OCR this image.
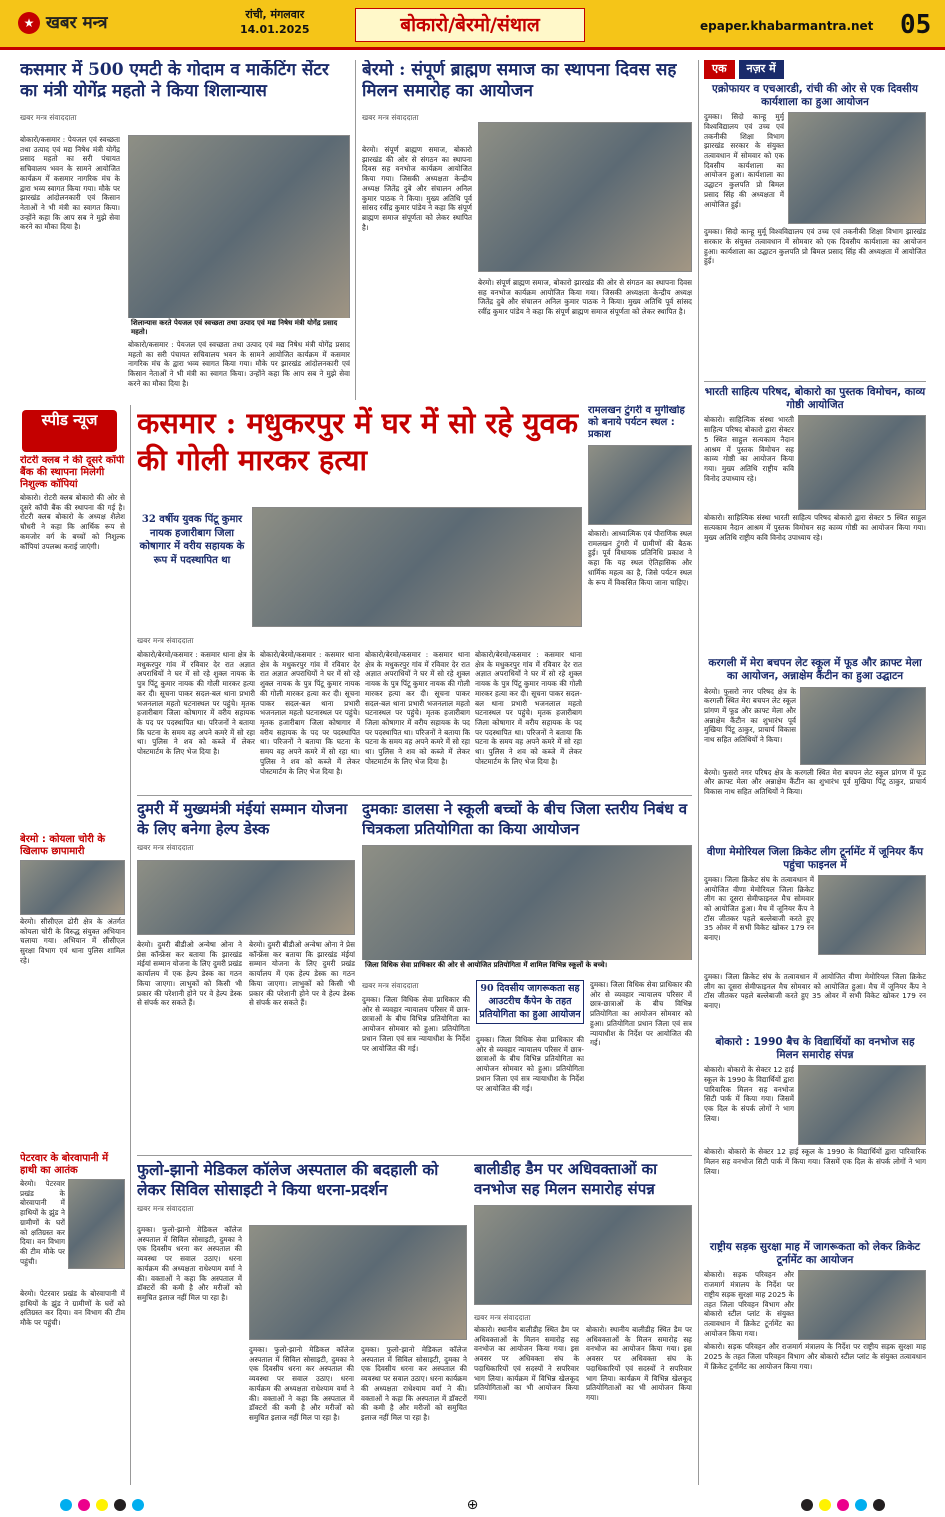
★ खबर मन्त्र	रांची, मंगलवार
14.01.2025	बोकारो/बेरमो/संथाल	epaper.khabarmantra.net 05
कसमार में 500 एमटी के गोदाम व मार्केटिंग सेंटर का मंत्री योगेंद्र महतो ने किया शिलान्यास
खबर मन्त्र संवाददाता
बोकारो/कसमार : पेयजल एवं स्वच्छता तथा उत्पाद एवं मद्य निषेध मंत्री योगेंद्र प्रसाद महतो का सरी पंचायत सचिवालय भवन के सामने आयोजित कार्यक्रम में कसमार नागरिक मंच के द्वारा भव्य स्वागत किया गया। मौके पर झारखंड आंदोलनकारी एवं किसान नेताओं ने भी मंत्री का स्वागत किया। उन्होंने कहा कि आप सब ने मुझे सेवा करने का मौका दिया है।
शिलान्यास करते पेयजल एवं स्वच्छता तथा उत्पाद एवं मद्य निषेध मंत्री योगेंद्र प्रसाद महतो।
बोकारो/कसमार : पेयजल एवं स्वच्छता तथा उत्पाद एवं मद्य निषेध मंत्री योगेंद्र प्रसाद महतो का सरी पंचायत सचिवालय भवन के सामने आयोजित कार्यक्रम में कसमार नागरिक मंच के द्वारा भव्य स्वागत किया गया। मौके पर झारखंड आंदोलनकारी एवं किसान नेताओं ने भी मंत्री का स्वागत किया। उन्होंने कहा कि आप सब ने मुझे सेवा करने का मौका दिया है।
बेरमो : संपूर्ण ब्राह्मण समाज का स्थापना दिवस सह मिलन समारोह का आयोजन
खबर मन्त्र संवाददाता
बेरमो। संपूर्ण ब्राह्मण समाज, बोकारो झारखंड की ओर से संगठन का स्थापना दिवस सह वनभोज कार्यक्रम आयोजित किया गया। जिसकी अध्यक्षता केन्द्रीय अध्यक्ष जितेंद्र दुबे और संचालन अनिल कुमार पाठक ने किया। मुख्य अतिथि पूर्व सांसद रवींद्र कुमार पांडेय ने कहा कि संपूर्ण ब्राह्मण समाज संपूर्णता को लेकर स्थापित है।
बेरमो। संपूर्ण ब्राह्मण समाज, बोकारो झारखंड की ओर से संगठन का स्थापना दिवस सह वनभोज कार्यक्रम आयोजित किया गया। जिसकी अध्यक्षता केन्द्रीय अध्यक्ष जितेंद्र दुबे और संचालन अनिल कुमार पाठक ने किया। मुख्य अतिथि पूर्व सांसद रवींद्र कुमार पांडेय ने कहा कि संपूर्ण ब्राह्मण समाज संपूर्णता को लेकर स्थापित है।
एक	नज़र में
एक्रोफायर व एचआरडी, रांची की ओर से एक दिवसीय कार्यशाला का हुआ आयोजन
दुमका। सिदो कान्हू मुर्मू विश्वविद्यालय एवं उच्च एवं तकनीकी शिक्षा विभाग झारखंड सरकार के संयुक्त तत्वावधान में सोमवार को एक दिवसीय कार्यशाला का आयोजन हुआ। कार्यशाला का उद्घाटन कुलपति प्रो बिमल प्रसाद सिंह की अध्यक्षता में आयोजित हुई।
दुमका। सिदो कान्हू मुर्मू विश्वविद्यालय एवं उच्च एवं तकनीकी शिक्षा विभाग झारखंड सरकार के संयुक्त तत्वावधान में सोमवार को एक दिवसीय कार्यशाला का आयोजन हुआ। कार्यशाला का उद्घाटन कुलपति प्रो बिमल प्रसाद सिंह की अध्यक्षता में आयोजित हुई।
भारती साहित्य परिषद, बोकारो का पुस्तक विमोचन, काव्य गोष्ठी आयोजित
बोकारो। साहित्यिक संस्था भारती साहित्य परिषद बोकारो द्वारा सेक्टर 5 स्थित साहुल सत्यकाम नैदान आश्रम में पुस्तक विमोचन सह काव्य गोष्ठी का आयोजन किया गया। मुख्य अतिथि राष्ट्रीय कवि विनोद उपाध्याय रहे।
बोकारो। साहित्यिक संस्था भारती साहित्य परिषद बोकारो द्वारा सेक्टर 5 स्थित साहुल सत्यकाम नैदान आश्रम में पुस्तक विमोचन सह काव्य गोष्ठी का आयोजन किया गया। मुख्य अतिथि राष्ट्रीय कवि विनोद उपाध्याय रहे।
करगली में मेरा बचपन लेट स्कूल में फूड और क्राफ्ट मेला का आयोजन, अन्नाक्षेम कैंटीन का हुआ उद्घाटन
बेरमो। फुसरो नगर परिषद क्षेत्र के करगली स्थित मेरा बचपन लेट स्कूल प्रांगण में फूड और क्राफ्ट मेला और अन्नाक्षेम कैंटीन का शुभारंभ पूर्व मुखिया पिंटू ठाकुर, प्राचार्य विकास नाथ सहित अतिथियों ने किया।
बेरमो। फुसरो नगर परिषद क्षेत्र के करगली स्थित मेरा बचपन लेट स्कूल प्रांगण में फूड और क्राफ्ट मेला और अन्नाक्षेम कैंटीन का शुभारंभ पूर्व मुखिया पिंटू ठाकुर, प्राचार्य विकास नाथ सहित अतिथियों ने किया।
वीणा मेमोरियल जिला क्रिकेट लीग टूर्नामेंट में जूनियर कैंप पहुंचा फाइनल में
दुमका। जिला क्रिकेट संघ के तत्वावधान में आयोजित वीणा मेमोरियल जिला क्रिकेट लीग का दूसरा सेमीफाइनल मैच सोमवार को आयोजित हुआ। मैच में जूनियर कैंप ने टॉस जीतकर पहले बल्लेबाजी करते हुए 35 ओवर में सभी विकेट खोकर 179 रन बनाए।
दुमका। जिला क्रिकेट संघ के तत्वावधान में आयोजित वीणा मेमोरियल जिला क्रिकेट लीग का दूसरा सेमीफाइनल मैच सोमवार को आयोजित हुआ। मैच में जूनियर कैंप ने टॉस जीतकर पहले बल्लेबाजी करते हुए 35 ओवर में सभी विकेट खोकर 179 रन बनाए।
बोकारो : 1990 बैच के विद्यार्थियों का वनभोज सह मिलन समारोह संपन्न
बोकारो। बोकारो के सेक्टर 12 हाई स्कूल के 1990 के विद्यार्थियों द्वारा पारिवारिक मिलन सह वनभोज सिटी पार्क में किया गया। जिसमें एक दिल के संपर्क लोगों ने भाग लिया।
बोकारो। बोकारो के सेक्टर 12 हाई स्कूल के 1990 के विद्यार्थियों द्वारा पारिवारिक मिलन सह वनभोज सिटी पार्क में किया गया। जिसमें एक दिल के संपर्क लोगों ने भाग लिया।
राष्ट्रीय सड़क सुरक्षा माह में जागरूकता को लेकर क्रिकेट टूर्नामेंट का आयोजन
बोकारो। सड़क परिवहन और राजमार्ग मंत्रालय के निर्देश पर राष्ट्रीय सड़क सुरक्षा माह 2025 के तहत जिला परिवहन विभाग और बोकारो स्टील प्लांट के संयुक्त तत्वावधान में क्रिकेट टूर्नामेंट का आयोजन किया गया।
बोकारो। सड़क परिवहन और राजमार्ग मंत्रालय के निर्देश पर राष्ट्रीय सड़क सुरक्षा माह 2025 के तहत जिला परिवहन विभाग और बोकारो स्टील प्लांट के संयुक्त तत्वावधान में क्रिकेट टूर्नामेंट का आयोजन किया गया।
स्पीड न्यूज
रोटरी क्लब ने की दूसरे कॉपी बैंक की स्थापना मिलेगी निशुल्क कॉपियां
बोकारो। रोटरी क्लब बोकारो की ओर से दूसरे कॉपी बैंक की स्थापना की गई है। रोटरी क्लब बोकारो के अध्यक्ष शैलेश चौधरी ने कहा कि आर्थिक रूप से कमजोर वर्ग के बच्चों को निशुल्क कॉपियां उपलब्ध कराई जाएंगी।
बेरमो : कोयला चोरी के खिलाफ छापामारी
बेरमो। सीसीएल ढोरी क्षेत्र के अंतर्गत कोयला चोरी के विरुद्ध संयुक्त अभियान चलाया गया। अभियान में सीसीएल सुरक्षा विभाग एवं थाना पुलिस शामिल रहे।
पेटरवार के बोरवापानी में हाथी का आतंक
बेरमो। पेटरवार प्रखंड के बोरवापानी में हाथियों के झुंड ने ग्रामीणों के घरों को क्षतिग्रस्त कर दिया। वन विभाग की टीम मौके पर पहुंची।
बेरमो। पेटरवार प्रखंड के बोरवापानी में हाथियों के झुंड ने ग्रामीणों के घरों को क्षतिग्रस्त कर दिया। वन विभाग की टीम मौके पर पहुंची।
कसमार : मधुकरपुर में घर में सो रहे युवक की गोली मारकर हत्या
32 वर्षीय युवक पिंटू कुमार नायक हजारीबाग जिला कोषागार में वरीय सहायक के रूप में पदस्थापित था
खबर मन्त्र संवाददाता
बोकारो/बेरमो/कसमार : कसमार थाना क्षेत्र के मधुकरपुर गांव में रविवार देर रात अज्ञात अपराधियों ने घर में सो रहे शुक्ल नायक के पुत्र पिंटू कुमार नायक की गोली मारकर हत्या कर दी। सूचना पाकर सदल-बल थाना प्रभारी भजनलाल महतो घटनास्थल पर पहुंचे। मृतक हजारीबाग जिला कोषागार में वरीय सहायक के पद पर पदस्थापित था। परिजनों ने बताया कि घटना के समय वह अपने कमरे में सो रहा था। पुलिस ने शव को कब्जे में लेकर पोस्टमार्टम के लिए भेज दिया है।
बोकारो/बेरमो/कसमार : कसमार थाना क्षेत्र के मधुकरपुर गांव में रविवार देर रात अज्ञात अपराधियों ने घर में सो रहे शुक्ल नायक के पुत्र पिंटू कुमार नायक की गोली मारकर हत्या कर दी। सूचना पाकर सदल-बल थाना प्रभारी भजनलाल महतो घटनास्थल पर पहुंचे। मृतक हजारीबाग जिला कोषागार में वरीय सहायक के पद पर पदस्थापित था। परिजनों ने बताया कि घटना के समय वह अपने कमरे में सो रहा था। पुलिस ने शव को कब्जे में लेकर पोस्टमार्टम के लिए भेज दिया है।
बोकारो/बेरमो/कसमार : कसमार थाना क्षेत्र के मधुकरपुर गांव में रविवार देर रात अज्ञात अपराधियों ने घर में सो रहे शुक्ल नायक के पुत्र पिंटू कुमार नायक की गोली मारकर हत्या कर दी। सूचना पाकर सदल-बल थाना प्रभारी भजनलाल महतो घटनास्थल पर पहुंचे। मृतक हजारीबाग जिला कोषागार में वरीय सहायक के पद पर पदस्थापित था। परिजनों ने बताया कि घटना के समय वह अपने कमरे में सो रहा था। पुलिस ने शव को कब्जे में लेकर पोस्टमार्टम के लिए भेज दिया है।
बोकारो/बेरमो/कसमार : कसमार थाना क्षेत्र के मधुकरपुर गांव में रविवार देर रात अज्ञात अपराधियों ने घर में सो रहे शुक्ल नायक के पुत्र पिंटू कुमार नायक की गोली मारकर हत्या कर दी। सूचना पाकर सदल-बल थाना प्रभारी भजनलाल महतो घटनास्थल पर पहुंचे। मृतक हजारीबाग जिला कोषागार में वरीय सहायक के पद पर पदस्थापित था। परिजनों ने बताया कि घटना के समय वह अपने कमरे में सो रहा था। पुलिस ने शव को कब्जे में लेकर पोस्टमार्टम के लिए भेज दिया है।
रामलखन टुंगरी व मुगीखोह को बनाये पर्यटन स्थल : प्रकाश
बोकारो। आध्यात्मिक एवं पौराणिक स्थल रामलखन टुंगरी में ग्रामीणों की बैठक हुई। पूर्व विधायक प्रतिनिधि प्रकाश ने कहा कि यह स्थल ऐतिहासिक और धार्मिक महत्व का है, जिसे पर्यटन स्थल के रूप में विकसित किया जाना चाहिए।
दुमरी में मुख्यमंत्री मंईयां सम्मान योजना के लिए बनेगा हेल्प डेस्क
खबर मन्त्र संवाददाता
बेरमो। दुमरी बीडीओ अन्वेषा ओना ने प्रेस कॉन्फ्रेंस कर बताया कि झारखंड मंईयां सम्मान योजना के लिए दुमरी प्रखंड कार्यालय में एक हेल्प डेस्क का गठन किया जाएगा। लाभुकों को किसी भी प्रकार की परेशानी होने पर वे हेल्प डेस्क से संपर्क कर सकते हैं।
बेरमो। दुमरी बीडीओ अन्वेषा ओना ने प्रेस कॉन्फ्रेंस कर बताया कि झारखंड मंईयां सम्मान योजना के लिए दुमरी प्रखंड कार्यालय में एक हेल्प डेस्क का गठन किया जाएगा। लाभुकों को किसी भी प्रकार की परेशानी होने पर वे हेल्प डेस्क से संपर्क कर सकते हैं।
दुमकाः डालसा ने स्कूली बच्चों के बीच जिला स्तरीय निबंध व चित्रकला प्रतियोगिता का किया आयोजन
जिला विधिक सेवा प्राधिकार की ओर से आयोजित प्रतियोगिता में शामिल विभिन्न स्कूलों के बच्चे।
खबर मन्त्र संवाददाता
दुमका। जिला विधिक सेवा प्राधिकार की ओर से व्यवहार न्यायालय परिसर में छात्र-छात्राओं के बीच विभिन्न प्रतियोगिता का आयोजन सोमवार को हुआ। प्रतियोगिता प्रधान जिला एवं सत्र न्यायाधीश के निर्देश पर आयोजित की गई।
90 दिवसीय जागरूकता सह आउटरीच कैंपेन के तहत प्रतियोगिता का हुआ आयोजन
दुमका। जिला विधिक सेवा प्राधिकार की ओर से व्यवहार न्यायालय परिसर में छात्र-छात्राओं के बीच विभिन्न प्रतियोगिता का आयोजन सोमवार को हुआ। प्रतियोगिता प्रधान जिला एवं सत्र न्यायाधीश के निर्देश पर आयोजित की गई।
दुमका। जिला विधिक सेवा प्राधिकार की ओर से व्यवहार न्यायालय परिसर में छात्र-छात्राओं के बीच विभिन्न प्रतियोगिता का आयोजन सोमवार को हुआ। प्रतियोगिता प्रधान जिला एवं सत्र न्यायाधीश के निर्देश पर आयोजित की गई।
फुलो-झानो मेडिकल कॉलेज अस्पताल की बदहाली को लेकर सिविल सोसाइटी ने किया धरना-प्रदर्शन
खबर मन्त्र संवाददाता
दुमका। फुलो-झानो मेडिकल कॉलेज अस्पताल में सिविल सोसाइटी, दुमका ने एक दिवसीय धरना कर अस्पताल की व्यवस्था पर सवाल उठाए। धरना कार्यक्रम की अध्यक्षता राधेश्याम वर्मा ने की। वक्ताओं ने कहा कि अस्पताल में डॉक्टरों की कमी है और मरीजों को समुचित इलाज नहीं मिल पा रहा है।
दुमका। फुलो-झानो मेडिकल कॉलेज अस्पताल में सिविल सोसाइटी, दुमका ने एक दिवसीय धरना कर अस्पताल की व्यवस्था पर सवाल उठाए। धरना कार्यक्रम की अध्यक्षता राधेश्याम वर्मा ने की। वक्ताओं ने कहा कि अस्पताल में डॉक्टरों की कमी है और मरीजों को समुचित इलाज नहीं मिल पा रहा है।
दुमका। फुलो-झानो मेडिकल कॉलेज अस्पताल में सिविल सोसाइटी, दुमका ने एक दिवसीय धरना कर अस्पताल की व्यवस्था पर सवाल उठाए। धरना कार्यक्रम की अध्यक्षता राधेश्याम वर्मा ने की। वक्ताओं ने कहा कि अस्पताल में डॉक्टरों की कमी है और मरीजों को समुचित इलाज नहीं मिल पा रहा है।
बालीडीह डैम पर अधिवक्ताओं का वनभोज सह मिलन समारोह संपन्न
खबर मन्त्र संवाददाता
बोकारो। स्थानीय बालीडीह स्थित डैम पर अधिवक्ताओं के मिलन समारोह सह वनभोज का आयोजन किया गया। इस अवसर पर अधिवक्ता संघ के पदाधिकारियों एवं सदस्यों ने सपरिवार भाग लिया। कार्यक्रम में विभिन्न खेलकूद प्रतियोगिताओं का भी आयोजन किया गया।
बोकारो। स्थानीय बालीडीह स्थित डैम पर अधिवक्ताओं के मिलन समारोह सह वनभोज का आयोजन किया गया। इस अवसर पर अधिवक्ता संघ के पदाधिकारियों एवं सदस्यों ने सपरिवार भाग लिया। कार्यक्रम में विभिन्न खेलकूद प्रतियोगिताओं का भी आयोजन किया गया।
⊕
